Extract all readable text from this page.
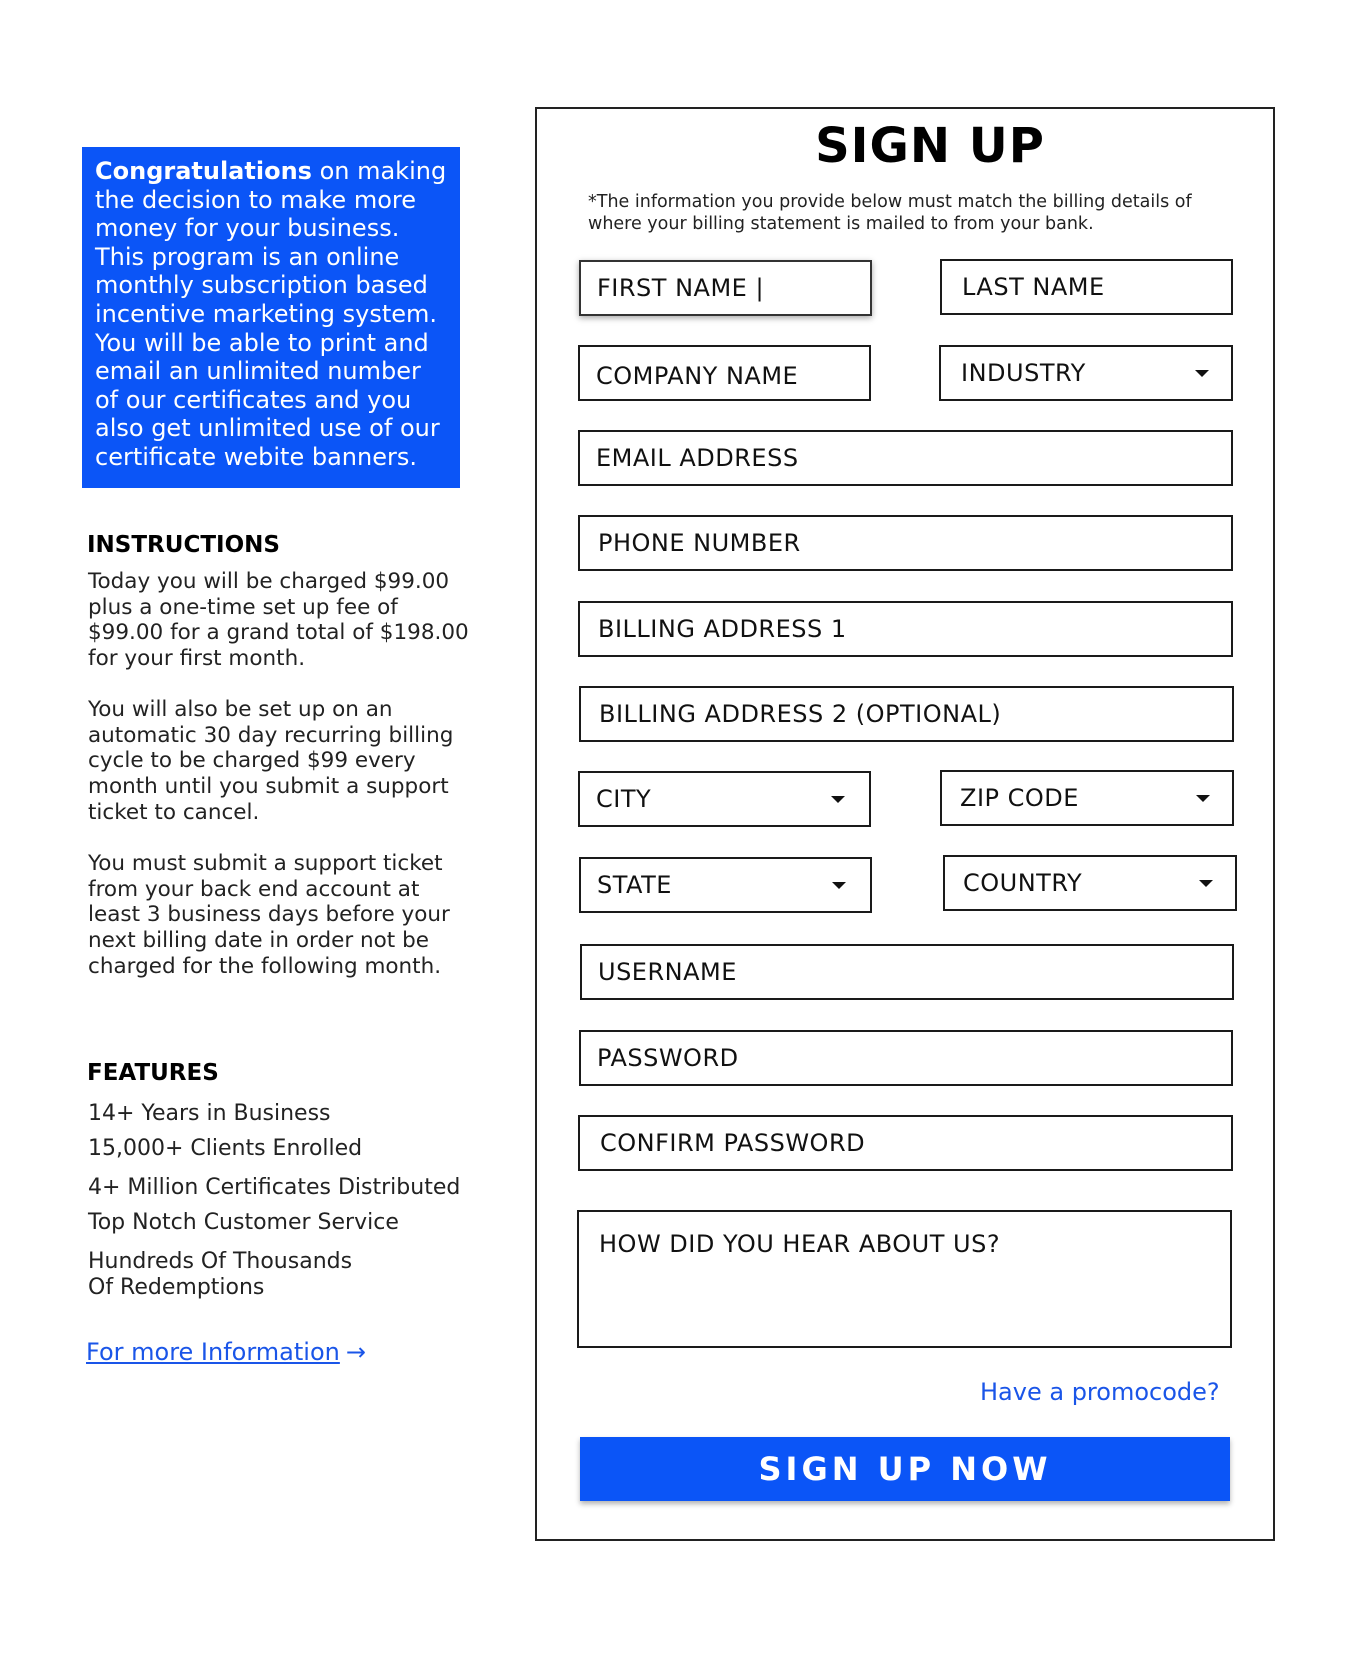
Congratulations on making the decision to make more money for your business. This program is an online monthly subscription based incentive marketing system. You will be able to print and email an unlimited number of our certificates and you also get unlimited use of our certificate webite banners.
INSTRUCTIONS
Today you will be charged $99.00 plus a one-time set up fee of $99.00 for a grand total of $198.00 for your first month.
You will also be set up on an automatic 30 day recurring billing cycle to be charged $99 every month until you submit a support ticket to cancel.
You must submit a support ticket from your back end account at least 3 business days before your next billing date in order not be charged for the following month.
FEATURES
14+ Years in Business
15,000+ Clients Enrolled
4+ Million Certificates Distributed
Top Notch Customer Service
Hundreds Of Thousands
Of Redemptions
For more Information →
SIGN UP
*The information you provide below must match the billing details of where your billing statement is mailed to from your bank.
FIRST NAME |	LAST NAME
COMPANY NAME	INDUSTRY
EMAIL ADDRESS
PHONE NUMBER
BILLING ADDRESS 1
BILLING ADDRESS 2 (OPTIONAL)
CITY	ZIP CODE
STATE	COUNTRY
USERNAME
PASSWORD
CONFIRM PASSWORD
HOW DID YOU HEAR ABOUT US?
Have a promocode?
SIGN UP NOW
